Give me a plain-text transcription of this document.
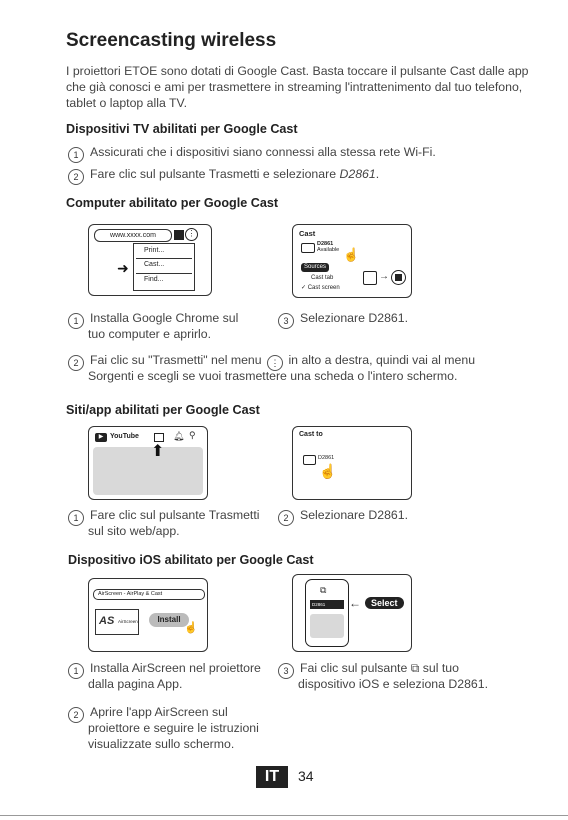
Screencasting wireless

I proiettori ETOE sono dotati di Google Cast. Basta toccare il pulsante Cast dalle app che già conosci e ami per trasmettere in streaming l'intrattenimento dal tuo telefono, tablet o laptop alla TV.

Dispositivi TV abilitati per Google Cast
1 Assicurati che i dispositivi siano connessi alla stessa rete Wi-Fi.
2 Fare clic sul pulsante Trasmetti e selezionare D2861.
Computer abilitato per Google Cast
www.xxxx.com	⋮
Print...
Cast...
Find...
➜
Cast
D2861
Available ☝
Sources
Cast tab
✓ Cast screen
→
1 Installa Google Chrome sul
tuo computer e aprirlo.
3 Selezionare D2861.
2 Fai clic su "Trasmetti" nel menu ⋮ in alto a destra, quindi vai al menu
Sorgenti e scegli se vuoi trasmettere una scheda o l'intero schermo.
Siti/app abilitati per Google Cast
▶ YouTube	🔔︎ ⚲
⬆
Cast to
D2861
☝
1 Fare clic sul pulsante Trasmetti
sul sito web/app.
2 Selezionare D2861.
Dispositivo iOS abilitato per Google Cast
AirScreen - AirPlay & Cast
AS AirScreen	Install
☝
⧉
D2861 ←	Select
1 Installa AirScreen nel proiettore
dalla pagina App.
3 Fai clic sul pulsante ⧉ sul tuo
dispositivo iOS e seleziona D2861.
2 Aprire l'app AirScreen sul
proiettore e seguire le istruzioni
visualizzate sullo schermo.
IT	34
